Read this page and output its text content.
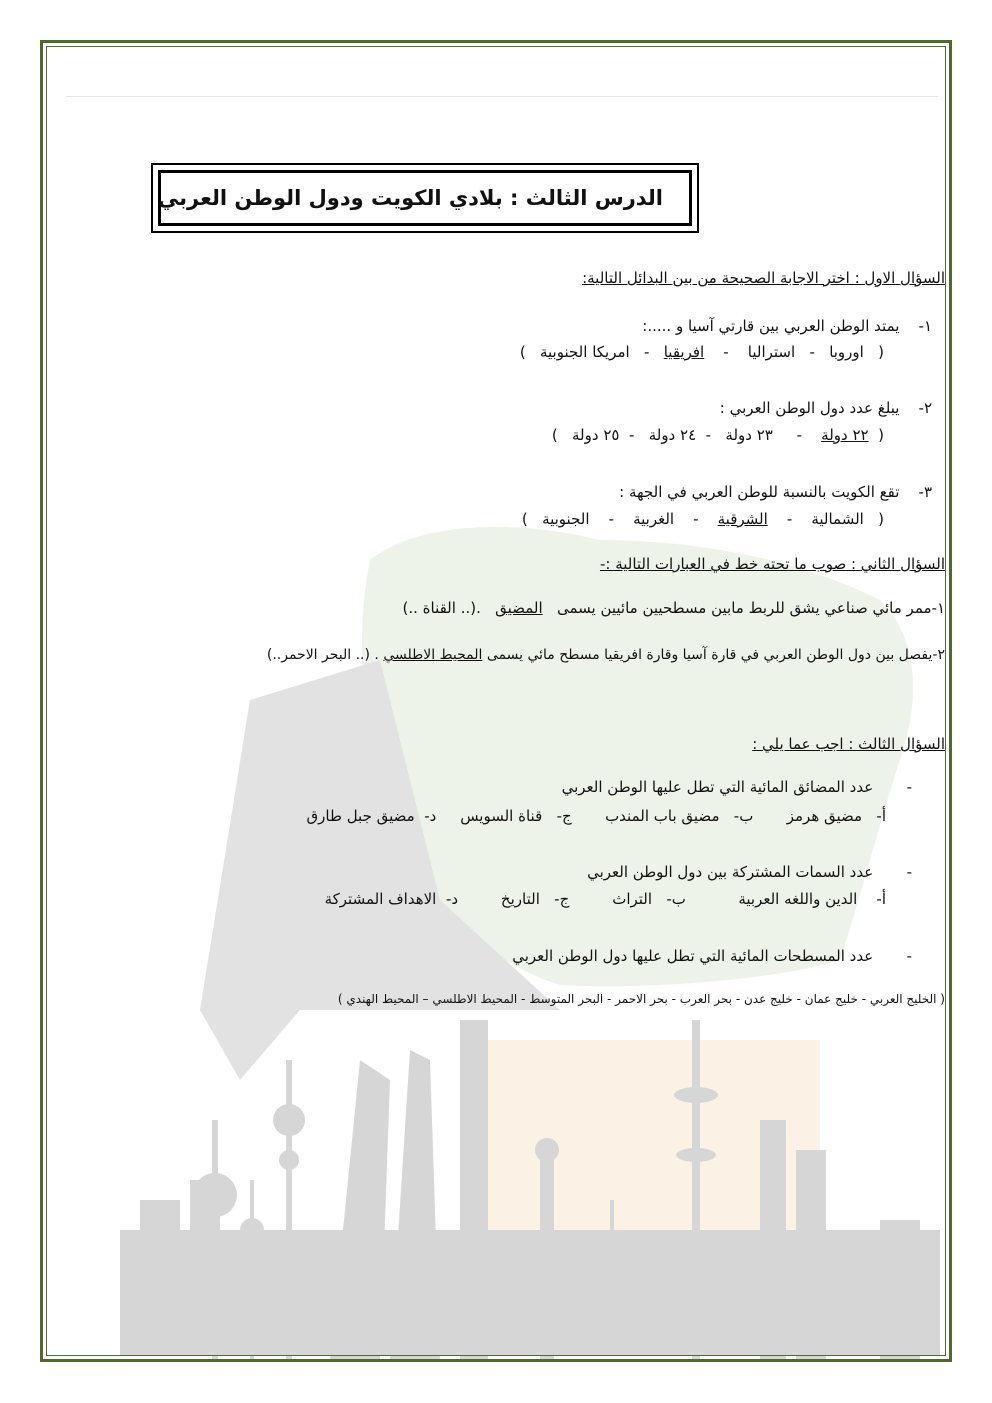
الدرس الثالث : بلادي الكويت ودول الوطن العربي
السؤال الاول : اختر الاجابة الصحيحة من بين البدائل التالية:
١-    يمتد الوطن العربي بين قارتي آسيا و .....:
(   اوروبا   -   استراليا    -    افريقيا   -   امريكا الجنوبية   )
٢-    يبلغ عدد دول الوطن العربي :
(  ٢٢ دولة    -     ٢٣ دولة   -  ٢٤ دولة   -  ٢٥ دولة   )
٣-    تقع الكويت بالنسبة للوطن العربي في الجهة :
(   الشمالية    -    الشرقية    -    الغربية    -    الجنوبية   )
السؤال الثاني : صوب ما تحته خط في العبارات التالية :-
١-ممر مائي صناعي يشق للربط مابين مسطحيين مائيين يسمى   المضيق   .(.. القناة ..)
٢-يفصل بين دول الوطن العربي في قارة آسيا وقارة افريقيا مسطح مائي يسمى المحيط الاطلسي . (.. البحر الاحمر..)
السؤال الثالث : اجب عما يلي :
-       عدد المضائق المائية التي تطل عليها الوطن العربي
أ-   مضيق هرمز       ب-   مضيق باب المندب       ج-   قناة السويس     د-  مضيق جبل طارق
-       عدد السمات المشتركة بين دول الوطن العربي
أ-    الدين واللغه العربية           ب-   التراث         ج-   التاريخ         د-  الاهداف المشتركة
-       عدد المسطحات المائية التي تطل عليها دول الوطن العربي
( الخليج العربي - خليج عمان - خليج عدن - بحر العرب - بحر الاحمر - البحر المتوسط - المحيط الاطلسي – المحيط الهندي )
